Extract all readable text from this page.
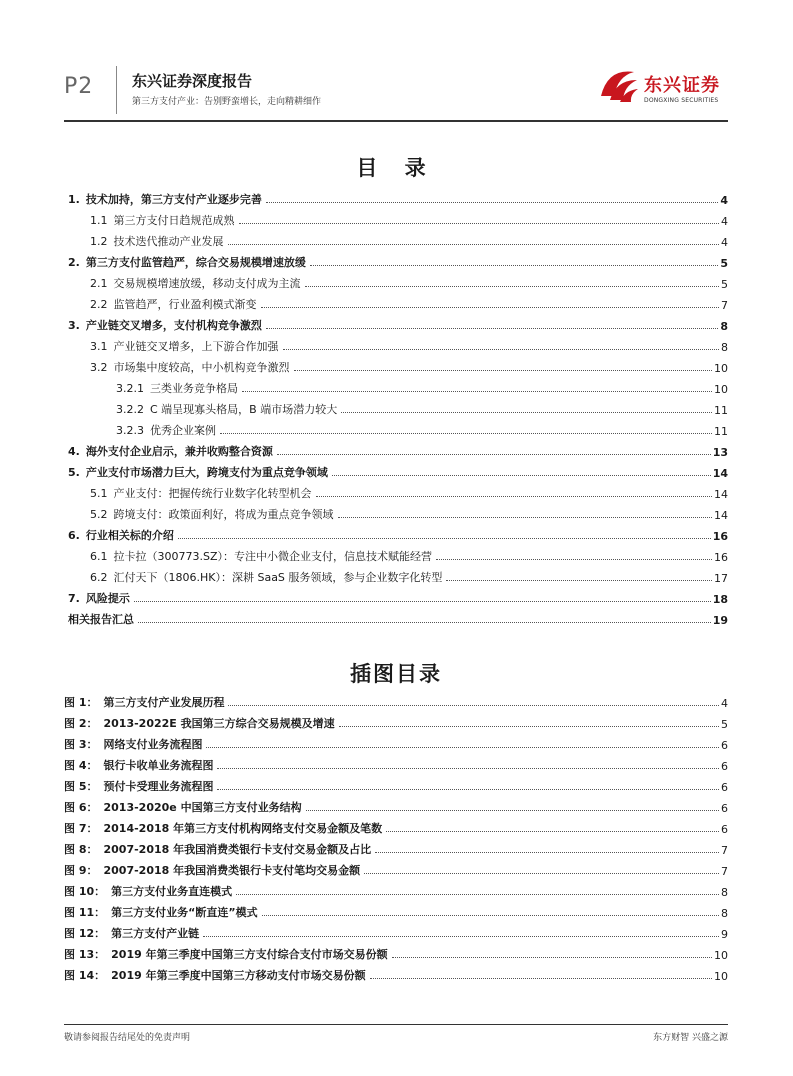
P2	东兴证券深度报告
第三方支付产业：告别野蛮增长，走向精耕细作
东兴证券
DONGXING SECURITIES
目 录
1. 技术加持，第三方支付产业逐步完善	4
1.1 第三方支付日趋规范成熟	4
1.2 技术迭代推动产业发展	4
2. 第三方支付监管趋严，综合交易规模增速放缓	5
2.1 交易规模增速放缓，移动支付成为主流	5
2.2 监管趋严，行业盈利模式渐变	7
3. 产业链交叉增多，支付机构竞争激烈	8
3.1 产业链交叉增多，上下游合作加强	8
3.2 市场集中度较高，中小机构竞争激烈	10
3.2.1 三类业务竞争格局	10
3.2.2 C 端呈现寡头格局，B 端市场潜力较大	11
3.2.3 优秀企业案例	11
4. 海外支付企业启示，兼并收购整合资源	13
5. 产业支付市场潜力巨大，跨境支付为重点竞争领域	14
5.1 产业支付：把握传统行业数字化转型机会	14
5.2 跨境支付：政策面利好，将成为重点竞争领域	14
6. 行业相关标的介绍	16
6.1 拉卡拉（300773.SZ）：专注中小微企业支付，信息技术赋能经营	16
6.2 汇付天下（1806.HK）：深耕 SaaS 服务领域，参与企业数字化转型	17
7. 风险提示	18
相关报告汇总	19
插图目录
图 1： 第三方支付产业发展历程	4
图 2： 2013-2022E 我国第三方综合交易规模及增速	5
图 3： 网络支付业务流程图	6
图 4： 银行卡收单业务流程图	6
图 5： 预付卡受理业务流程图	6
图 6： 2013-2020e 中国第三方支付业务结构	6
图 7： 2014-2018 年第三方支付机构网络支付交易金额及笔数	6
图 8： 2007-2018 年我国消费类银行卡支付交易金额及占比	7
图 9： 2007-2018 年我国消费类银行卡支付笔均交易金额	7
图 10： 第三方支付业务直连模式	8
图 11： 第三方支付业务“断直连”模式	8
图 12： 第三方支付产业链	9
图 13： 2019 年第三季度中国第三方支付综合支付市场交易份额	10
图 14： 2019 年第三季度中国第三方移动支付市场交易份额	10
敬请参阅报告结尾处的免责声明	东方财智 兴盛之源
